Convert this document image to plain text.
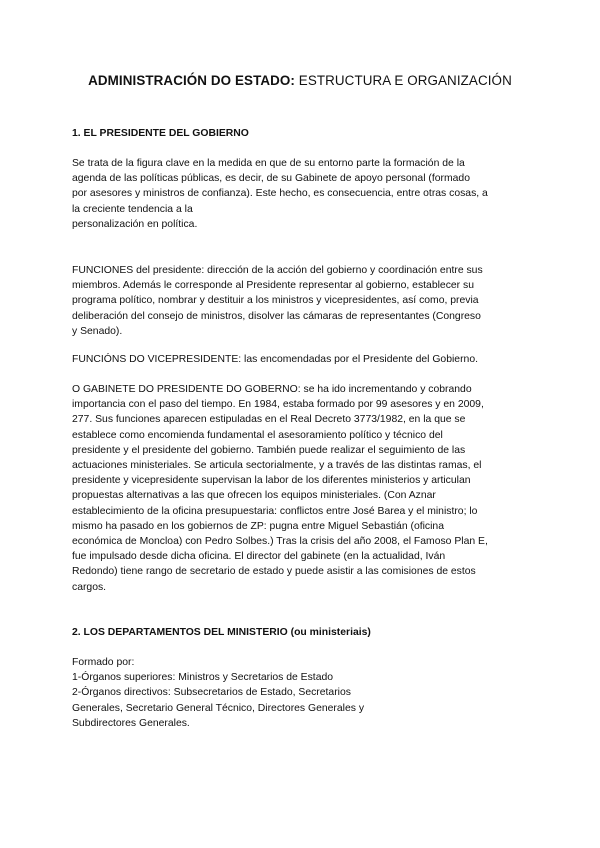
ADMINISTRACIÓN DO ESTADO: ESTRUCTURA E ORGANIZACIÓN
1. EL PRESIDENTE DEL GOBIERNO
Se trata de la figura clave en la medida en que de su entorno parte la formación de la
agenda de las políticas públicas, es decir, de su Gabinete de apoyo personal (formado
por asesores y ministros de confianza). Este hecho, es consecuencia, entre otras cosas, a
la creciente tendencia a la
personalización en política.
FUNCIONES del presidente: dirección de la acción del gobierno y coordinación entre sus
miembros. Además le corresponde al Presidente representar al gobierno, establecer su
programa político, nombrar y destituir a los ministros y vicepresidentes, así como, previa
deliberación del consejo de ministros, disolver las cámaras de representantes (Congreso
y Senado).
FUNCIÓNS DO VICEPRESIDENTE: las encomendadas por el Presidente del Gobierno.
O GABINETE DO PRESIDENTE DO GOBERNO: se ha ido incrementando y cobrando
importancia con el paso del tiempo. En 1984, estaba formado por 99 asesores y en 2009,
277. Sus funciones aparecen estipuladas en el Real Decreto 3773/1982, en la que se
establece como encomienda fundamental el asesoramiento político y técnico del
presidente y el presidente del gobierno. También puede realizar el seguimiento de las
actuaciones ministeriales. Se articula sectorialmente, y a través de las distintas ramas, el
presidente y vicepresidente supervisan la labor de los diferentes ministerios y articulan
propuestas alternativas a las que ofrecen los equipos ministeriales. (Con Aznar
establecimiento de la oficina presupuestaria: conflictos entre José Barea y el ministro; lo
mismo ha pasado en los gobiernos de ZP: pugna entre Miguel Sebastián (oficina
económica de Moncloa) con Pedro Solbes.) Tras la crisis del año 2008, el Famoso Plan E,
fue impulsado desde dicha oficina. El director del gabinete (en la actualidad, Iván
Redondo) tiene rango de secretario de estado y puede asistir a las comisiones de estos
cargos.
2. LOS DEPARTAMENTOS DEL MINISTERIO (ou ministeriais)
Formado por:
1-Órganos superiores: Ministros y Secretarios de Estado
2-Órganos directivos: Subsecretarios de Estado, Secretarios
Generales, Secretario General Técnico, Directores Generales y
Subdirectores Generales.
